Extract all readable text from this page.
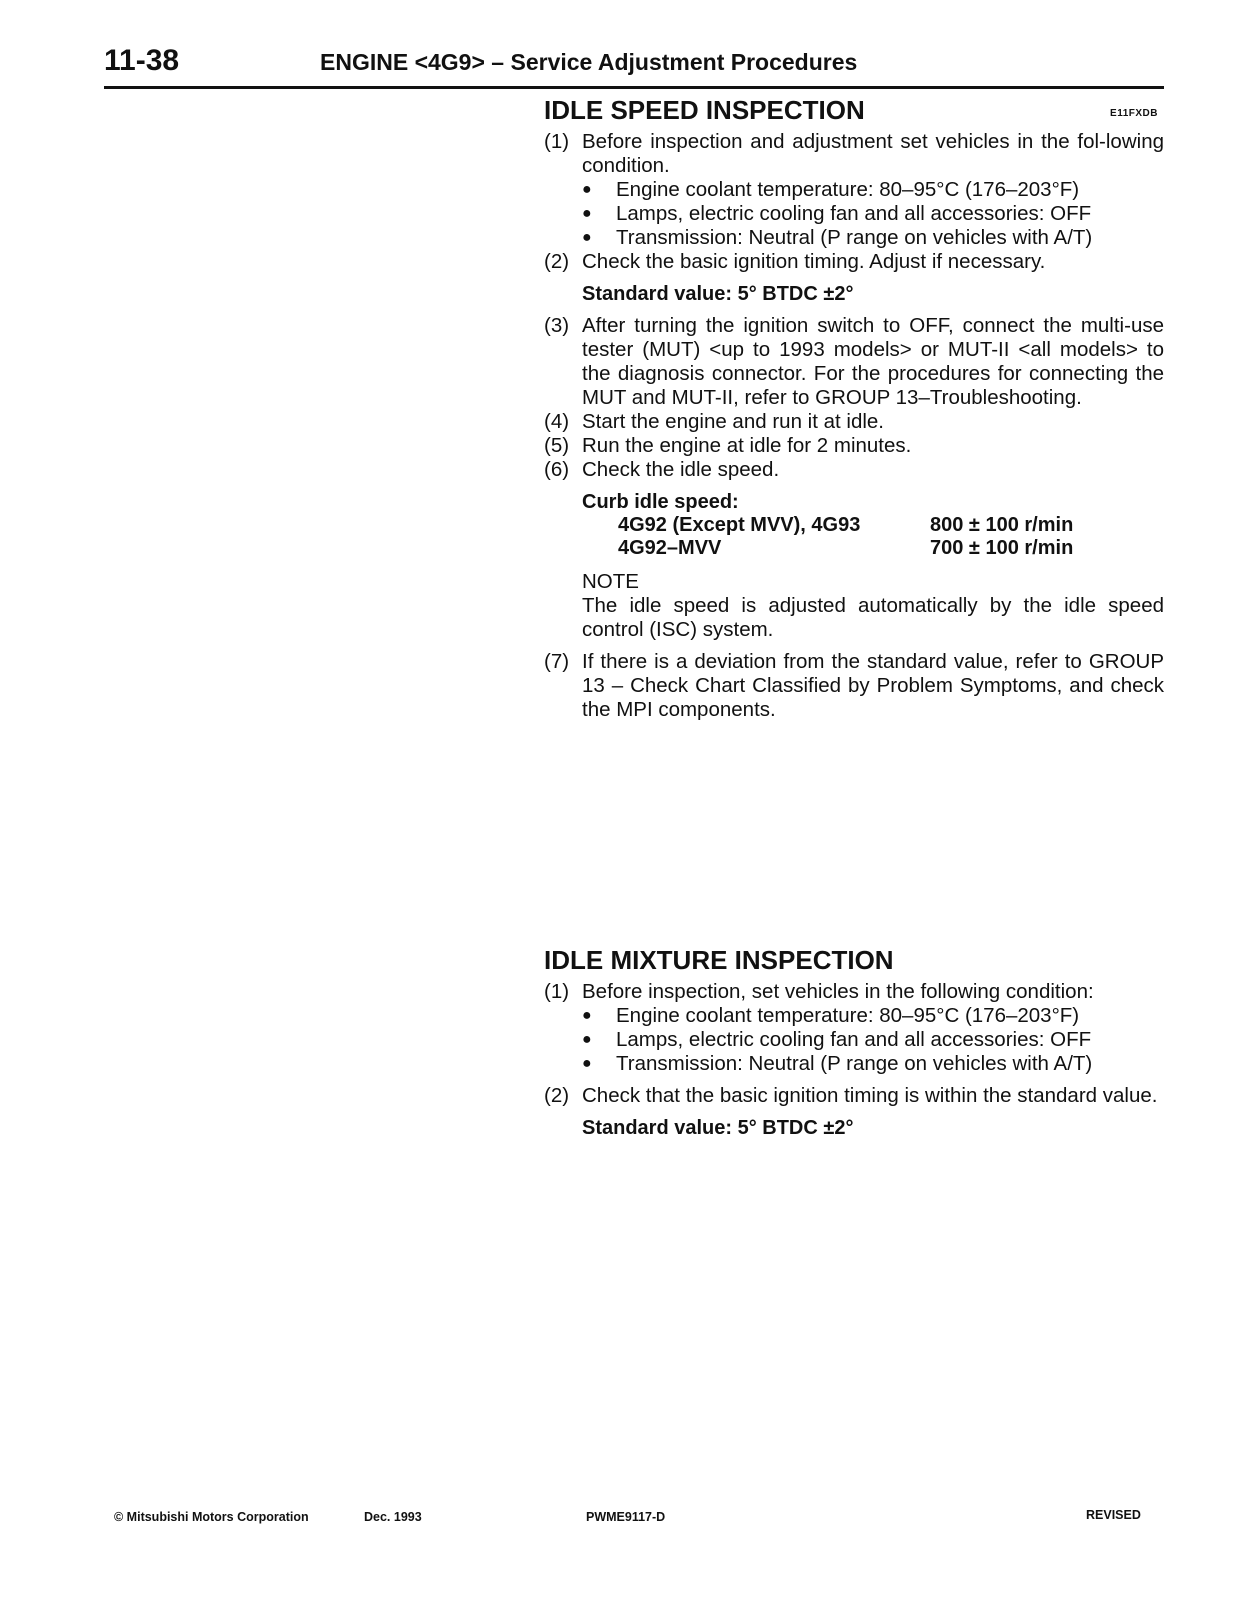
11-38	ENGINE <4G9> – Service Adjustment Procedures
IDLE SPEED INSPECTION	E11FXDB
(1) Before inspection and adjustment set vehicles in the fol-lowing condition.
● Engine coolant temperature: 80–95°C (176–203°F)
● Lamps, electric cooling fan and all accessories: OFF
● Transmission: Neutral (P range on vehicles with A/T)
(2) Check the basic ignition timing. Adjust if necessary.
Standard value: 5° BTDC ±2°
(3) After turning the ignition switch to OFF, connect the multi-use tester (MUT) <up to 1993 models> or MUT-II <all models> to the diagnosis connector. For the procedures for connecting the MUT and MUT-II, refer to GROUP 13–Troubleshooting.
(4) Start the engine and run it at idle.
(5) Run the engine at idle for 2 minutes.
(6) Check the idle speed.
Curb idle speed:
4G92 (Except MVV), 4G93	800 ± 100 r/min
4G92–MVV	700 ± 100 r/min
NOTE
The idle speed is adjusted automatically by the idle speed control (ISC) system.
(7) If there is a deviation from the standard value, refer to GROUP 13 – Check Chart Classified by Problem Symptoms, and check the MPI components.
IDLE MIXTURE INSPECTION
(1) Before inspection, set vehicles in the following condition:
● Engine coolant temperature: 80–95°C (176–203°F)
● Lamps, electric cooling fan and all accessories: OFF
● Transmission: Neutral (P range on vehicles with A/T)
(2) Check that the basic ignition timing is within the standard value.
Standard value: 5° BTDC ±2°
© Mitsubishi Motors Corporation	Dec. 1993	PWME9117-D	REVISED
